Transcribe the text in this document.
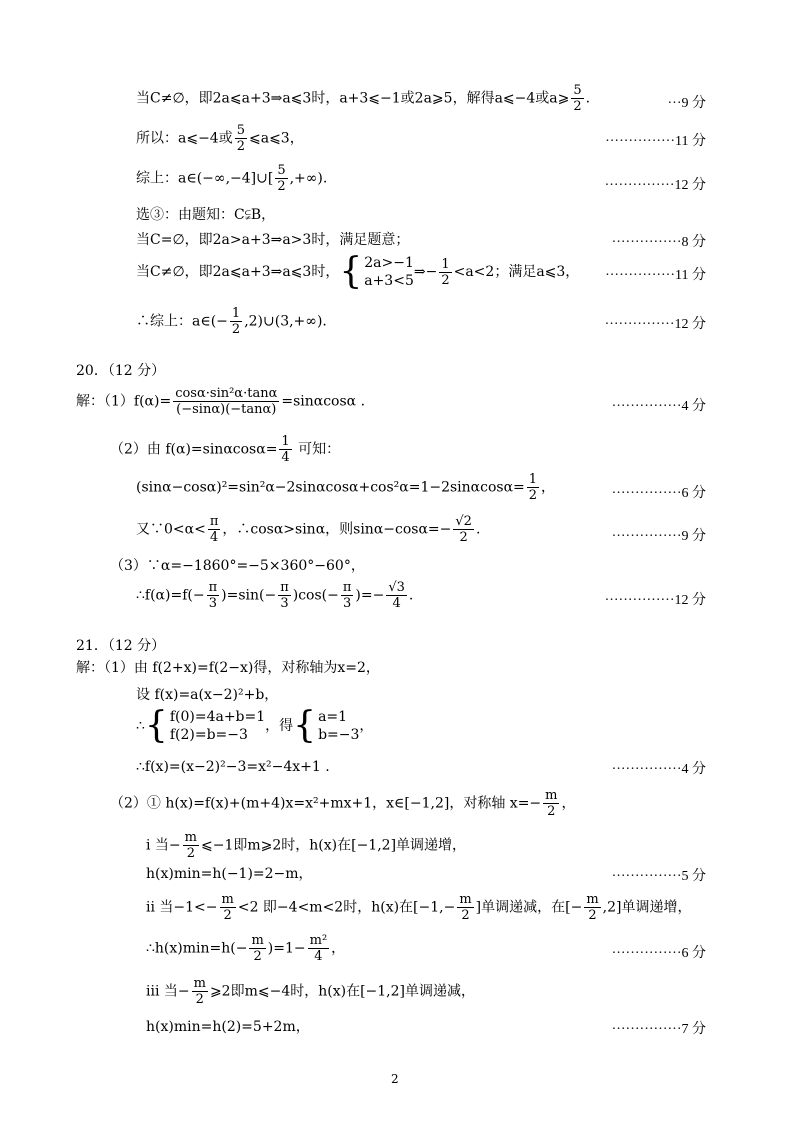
当C≠∅，即2a⩽a+3⇒a⩽3时，a+3⩽−1或2a⩾5，解得a⩽−4或a⩾ $\frac{5}{2}$ .	···9 分
所以：a⩽−4或 $\frac{5}{2}$ ⩽a⩽3，	···············11 分
综上：a∈(−∞,−4]∪[ $\frac{5}{2}$ ,+∞).	···············12 分
选③：由题知：C⫋B，
当C=∅，即2a>a+3⇒a>3时，满足题意；	···············8 分
当C≠∅，即2a⩽a+3⇒a⩽3时，{ 2a>−1
a+3<5
⇒− $\frac{1}{2} <a<2$；满足a⩽3， ···············11 分
∴综上：a∈(− $\frac{1}{2}$ ,2)∪(3,+∞).	···············12 分
20．（12 分）
解：$(1)f(\alpha)= \frac{\text{cosα·sin²α·tanα}}{(-\sin\alpha)(-\tan\alpha)} =\sin\alpha\cos\alpha$ .	···············4 分
（2）由 $f(\alpha)=\sin\alpha\cos\alpha= \frac{1}{4}$ 可知：
$(\sin\alpha-\cos\alpha)^2=\sin^2\alpha-2\sin\alpha\cos\alpha+\cos^2\alpha=1-2\sin\alpha\cos\alpha= \frac{1}{2}$ ，	···············6 分
又∵0<α< $\frac{\pi}{4}$ ，∴cosα>sinα，则$\sin\alpha-\cos\alpha=- \frac{√2}{2}$ .	···············9 分
（3）∵α=−1860°=−5×360°−60°，
∴f(α)=f(− $\frac{\pi}{3} )=\sin(- \frac{\pi}{3} )\cos(- \frac{\pi}{3}$ )=− $\frac{√3}{4}$ .	···············12 分
21．（12 分）
解：（1）由 f(2+x)=f(2−x)得，对称轴为x=2，
设 f(x)=a(x−2)²+b，
∴{ f(0)=4a+b=1
f(2)=b=−3
，得{ a=1
b=−3
，
∴f(x)=(x−2)²−3=x²−4x+1 .	···············4 分
（2）① h(x)=f(x)+(m+4)x=x²+mx+1，x∈[−1,2]，对称轴 $x=- \frac{m}{2}$ ，
i 当− $\frac{m}{2}$ ⩽−1即m⩾2时，h(x)在[−1,2]单调递增，
h(x)min=h(−1)=2−m，	···············5 分
ii 当$-1<- \frac{m}{2} <2$ 即−4<m<2时，h(x)在[$-1,- \frac{m}{2}$ ]单调递减，在[− $\frac{m}{2} ,2$]单调递增，
∴h(x)min=h(− $\frac{m}{2} )=1- \frac{\text{m²}}{4}$ ，	···············6 分
iii 当− $\frac{m}{2}$ ⩾2即m⩽−4时，h(x)在[−1,2]单调递减，
h(x)min=h(2)=5+2m，	···············7 分
2
